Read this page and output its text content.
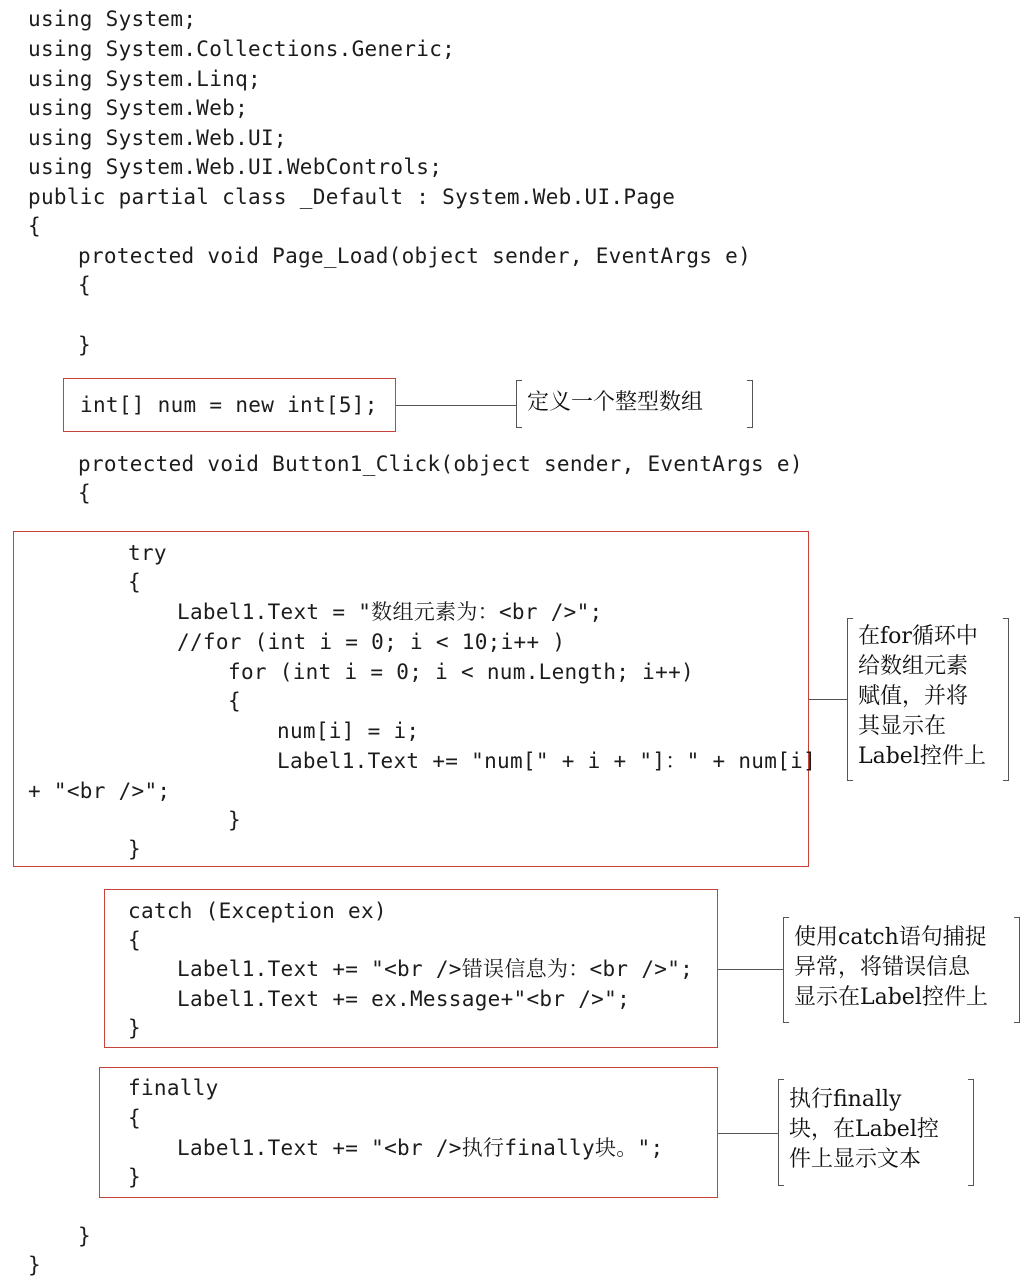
using System;
using System.Collections.Generic;
using System.Linq;
using System.Web;
using System.Web.UI;
using System.Web.UI.WebControls;
public partial class _Default : System.Web.UI.Page
{
protected void Page_Load(object sender, EventArgs e)
{
}
int[] num = new int[5];	定义一个整型数组
protected void Button1_Click(object sender, EventArgs e)
{
try
{
Label1.Text = "数组元素为：<br />";
//for (int i = 0; i < 10;i++ )
for (int i = 0; i < num.Length; i++)
{
num[i] = i;
Label1.Text += "num[" + i + "]：" + num[i]
+ "<br />";
}
}
在for循环中
给数组元素
赋值，并将
其显示在
Label控件上
catch (Exception ex)
{
Label1.Text += "<br />错误信息为：<br />";
Label1.Text += ex.Message+"<br />";
}
使用catch语句捕捉
异常，将错误信息
显示在Label控件上
finally
{
Label1.Text += "<br />执行finally块。";
}
执行finally
块，在Label控
件上显示文本
}
}
